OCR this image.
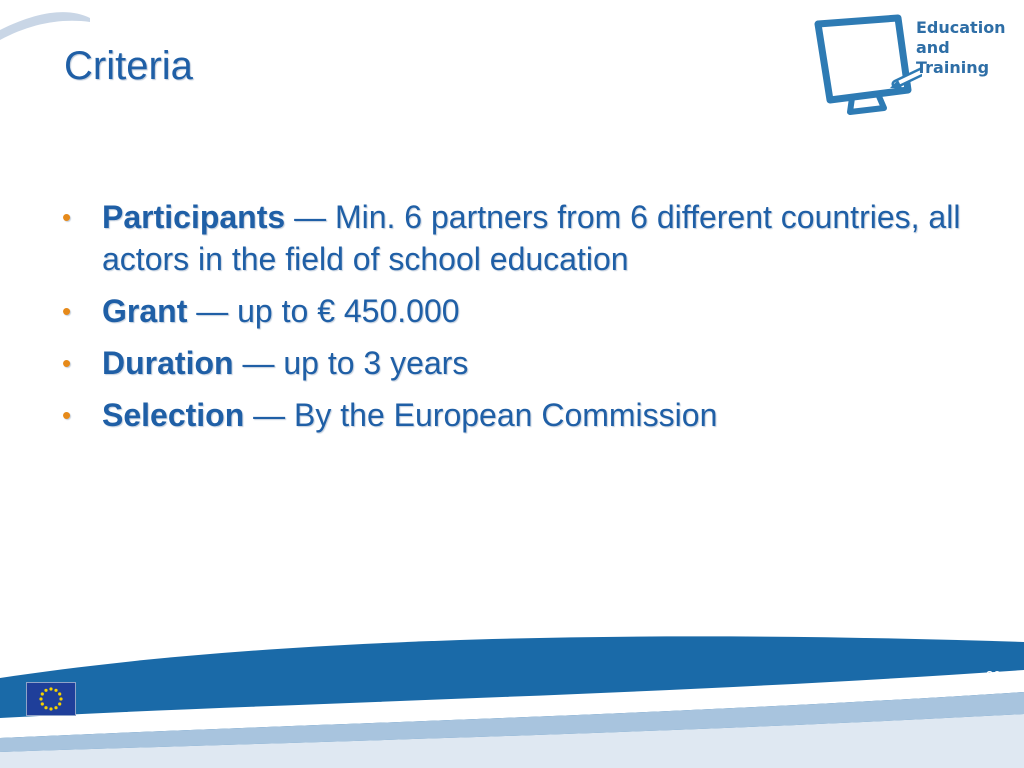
Criteria
Education
and
Training
• Participants — Min. 6 partners from 6 different countries, all actors in the field of school education
• Grant — up to € 450.000
• Duration — up to 3 years
• Selection — By the European Commission
36
